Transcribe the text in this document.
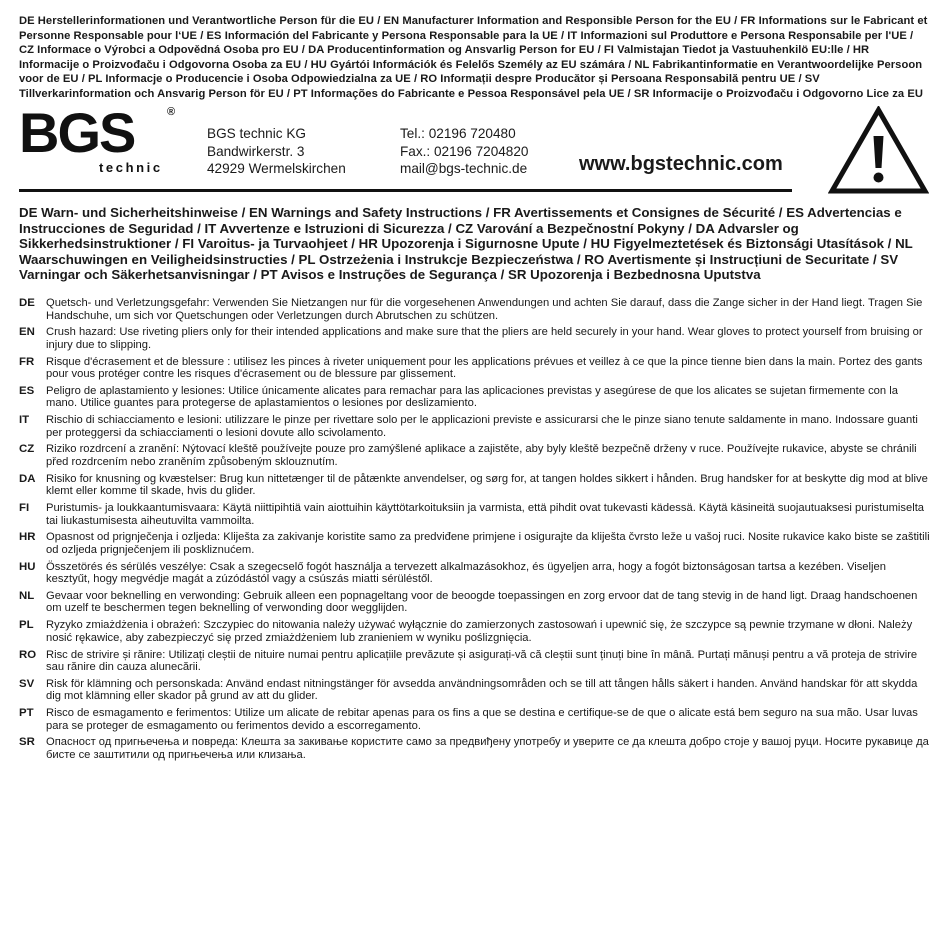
DE Herstellerinformationen und Verantwortliche Person für die EU / EN Manufacturer Information and Responsible Person for the EU / FR Informations sur le Fabricant et Personne Responsable pour l‘UE / ES Información del Fabricante y Persona Responsable para la UE / IT Informazioni sul Produttore e Persona Responsabile per l'UE / CZ Informace o Výrobci a Odpovědná Osoba pro EU / DA Producentinformation og Ansvarlig Person for EU / FI Valmistajan Tiedot ja Vastuuhenkilö EU:lle / HR Informacije o Proizvođaču i Odgovorna Osoba za EU / HU Gyártói Információk és Felelős Személy az EU számára / NL Fabrikantinformatie en Verantwoordelijke Persoon voor de EU / PL Informacje o Producencie i Osoba Odpowiedzialna za UE / RO Informații despre Producător și Persoana Responsabilă pentru UE / SV Tillverkarinformation och Ansvarig Person för EU / PT Informações do Fabricante e Pessoa Responsável pela UE / SR Informacije o Proizvođaču i Odgovorno Lice za EU
BGS	®
technic
BGS technic KG
Bandwirkerstr. 3
42929 Wermelskirchen
Tel.: 02196 720480
Fax.: 02196 7204820
mail@bgs-technic.de	www.bgstechnic.com
DE Warn- und Sicherheitshinweise / EN Warnings and Safety Instructions / FR Avertissements et Consignes de Sécurité / ES Advertencias e Instrucciones de Seguridad / IT Avvertenze e Istruzioni di Sicurezza / CZ Varování a Bezpečnostní Pokyny / DA Advarsler og Sikkerhedsinstruktioner / FI Varoitus- ja Turvaohjeet / HR Upozorenja i Sigurnosne Upute / HU Figyelmeztetések és Biztonsági Utasítások / NL Waarschuwingen en Veiligheidsinstructies / PL Ostrzeżenia i Instrukcje Bezpieczeństwa / RO Avertismente și Instrucțiuni de Securitate / SV Varningar och Säkerhetsanvisningar / PT Avisos e Instruções de Segurança / SR Upozorenja i Bezbednosna Uputstva
DE Quetsch- und Verletzungsgefahr: Verwenden Sie Nietzangen nur für die vorgesehenen Anwendungen und achten Sie darauf, dass die Zange sicher in der Hand liegt. Tragen Sie Handschuhe, um sich vor Quetschungen oder Verletzungen durch Abrutschen zu schützen.
EN Crush hazard: Use riveting pliers only for their intended applications and make sure that the pliers are held securely in your hand. Wear gloves to protect yourself from bruising or injury due to slipping.
FR	Risque d'écrasement et de blessure : utilisez les pinces à riveter uniquement pour les applications prévues et veillez à ce que la pince tienne bien dans la main. Portez des gants pour vous protéger contre les risques d'écrasement ou de blessure par glissement.
ES	Peligro de aplastamiento y lesiones: Utilice únicamente alicates para remachar para las aplicaciones previstas y asegúrese de que los alicates se sujetan firmemente con la mano. Utilice guantes para protegerse de aplastamientos o lesiones por deslizamiento.
IT	Rischio di schiacciamento e lesioni: utilizzare le pinze per rivettare solo per le applicazioni previste e assicurarsi che le pinze siano tenute saldamente in mano. Indossare guanti per proteggersi da schiacciamenti o lesioni dovute allo scivolamento.
CZ	Riziko rozdrcení a zranění: Nýtovací kleště používejte pouze pro zamýšlené aplikace a zajistěte, aby byly kleště bezpečně drženy v ruce. Používejte rukavice, abyste se chránili před rozdrcením nebo zraněním způsobeným sklouznutím.
DA Risiko for knusning og kvæstelser: Brug kun nittetænger til de påtænkte anvendelser, og sørg for, at tangen holdes sikkert i hånden. Brug handsker for at beskytte dig mod at blive klemt eller komme til skade, hvis du glider.
FI	Puristumis- ja loukkaantumisvaara: Käytä niittipihtiä vain aiottuihin käyttötarkoituksiin ja varmista, että pihdit ovat tukevasti kädessä. Käytä käsineitä suojautuaksesi puristumiselta tai liukastumisesta aiheutuvilta vammoilta.
HR Opasnost od prignječenja i ozljeda: Kliješta za zakivanje koristite samo za predviđene primjene i osigurajte da kliješta čvrsto leže u vašoj ruci. Nosite rukavice kako biste se zaštitili od ozljeda prignječenjem ili poskliznućem.
HU Összetörés és sérülés veszélye: Csak a szegecselő fogót használja a tervezett alkalmazásokhoz, és ügyeljen arra, hogy a fogót biztonságosan tartsa a kezében. Viseljen kesztyűt, hogy megvédje magát a zúzódástól vagy a csúszás miatti sérüléstől.
NL	Gevaar voor beknelling en verwonding: Gebruik alleen een popnageltang voor de beoogde toepassingen en zorg ervoor dat de tang stevig in de hand ligt. Draag handschoenen om uzelf te beschermen tegen beknelling of verwonding door wegglijden.
PL	Ryzyko zmiażdżenia i obrażeń: Szczypiec do nitowania należy używać wyłącznie do zamierzonych zastosowań i upewnić się, że szczypce są pewnie trzymane w dłoni. Należy nosić rękawice, aby zabezpieczyć się przed zmiażdżeniem lub zranieniem w wyniku poślizgnięcia.
RO Risc de strivire și rănire: Utilizați cleștii de nituire numai pentru aplicațiile prevăzute și asigurați-vă că cleștii sunt ținuți bine în mână. Purtați mănuși pentru a vă proteja de strivire sau rănire din cauza alunecării.
SV	Risk för klämning och personskada: Använd endast nitningstänger för avsedda användningsområden och se till att tången hålls säkert i handen. Använd handskar för att skydda dig mot klämning eller skador på grund av att du glider.
PT	Risco de esmagamento e ferimentos: Utilize um alicate de rebitar apenas para os fins a que se destina e certifique-se de que o alicate está bem seguro na sua mão. Usar luvas para se proteger de esmagamento ou ferimentos devido a escorregamento.
SR Опасност од пригњечења и повреда: Клешта за закивање користите само за предвиђену употребу и уверите се да клешта добро стоје у вашој руци. Носите рукавице да бисте се заштитили од пригњечења или клизања.
